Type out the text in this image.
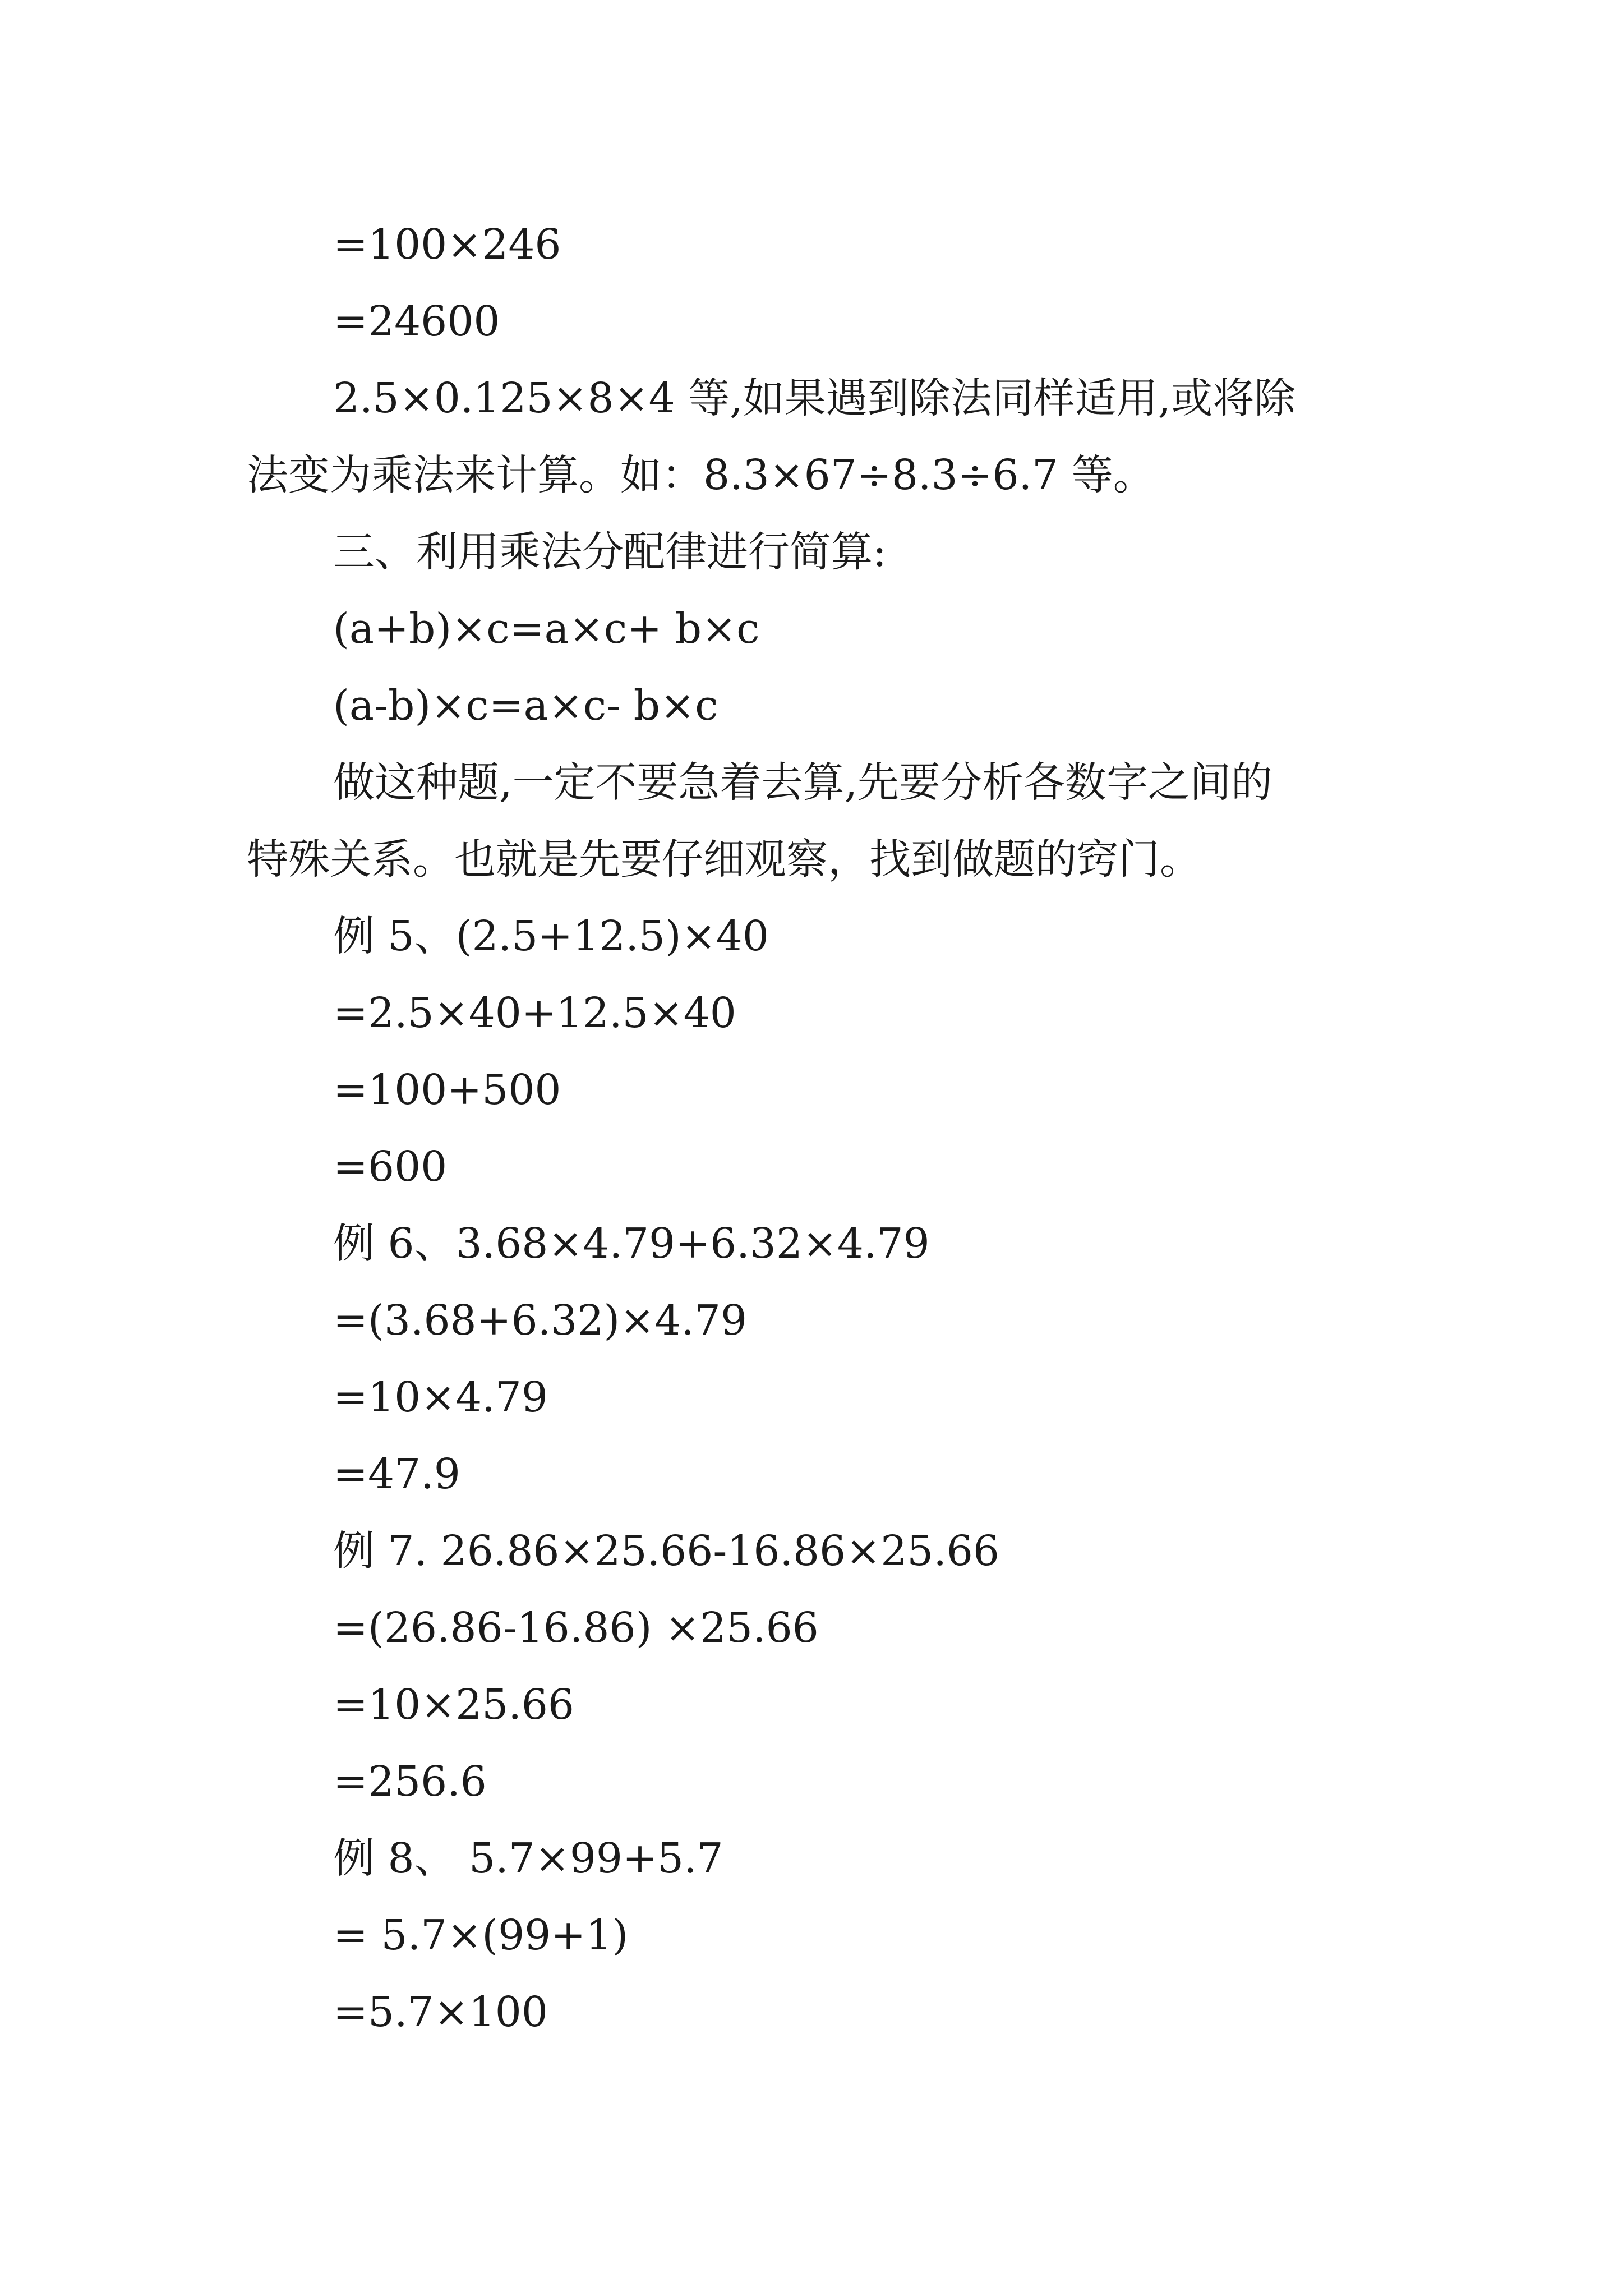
=100×246
=24600
2.5×0.125×8×4 等,如果遇到除法同样适用,或将除
法变为乘法来计算。如：8.3×67÷8.3÷6.7 等。
三、利用乘法分配律进行简算:
(a+b)×c=a×c+ b×c
(a-b)×c=a×c- b×c
做这种题,一定不要急着去算,先要分析各数字之间的
特殊关系。也就是先要仔细观察，找到做题的窍门。
例 5、(2.5+12.5)×40
=2.5×40+12.5×40
=100+500
=600
例 6、3.68×4.79+6.32×4.79
=(3.68+6.32)×4.79
=10×4.79
=47.9
例 7. 26.86×25.66-16.86×25.66
=(26.86-16.86) ×25.66
=10×25.66
=256.6
例 8、 5.7×99+5.7
= 5.7×(99+1)
=5.7×100
